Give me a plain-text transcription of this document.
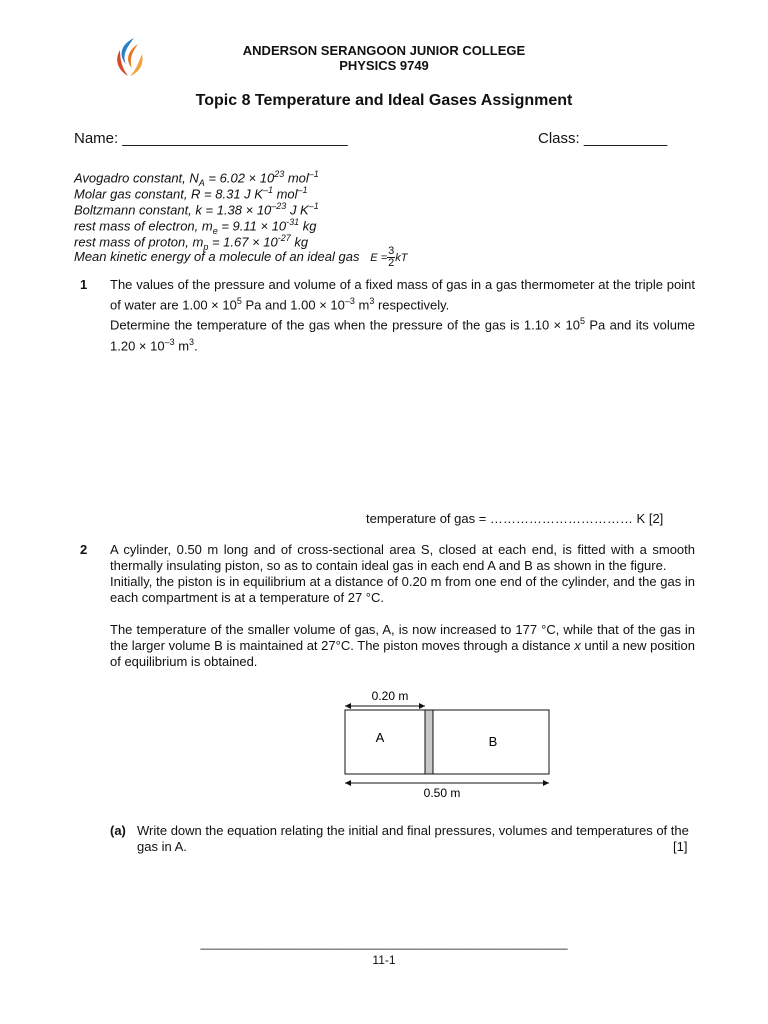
ANDERSON SERANGOON JUNIOR COLLEGE
PHYSICS 9749
Topic 8 Temperature and Ideal Gases Assignment
Name: ___________________________	Class: __________
Avogadro constant, $N_A = 6.02 \times 10^{23}$ mol$^{-1}$
Molar gas constant, R = 8.31 J $K^{-1}$ mol$^{-1}$
Boltzmann constant, $k = 1.38 \times 10^{-23}$ J $K^{-1}$
rest mass of electron, $m_e = 9.11 \times 10^{-31}$ kg
rest mass of proton, $m_p = 1.67 \times 10^{-27}$ kg
Mean kinetic energy of a molecule of an ideal gas $E = \frac{3}{2}$ kT
1 The values of the pressure and volume of a fixed mass of gas in a gas thermometer at the triple point of water are $1.00 \times 10^5$ Pa and $1.00 \times 10^{-3}$ $m^3$ respectively.
Determine the temperature of the gas when the pressure of the gas is $1.10 \times 10^5$ Pa and its volume $1.20 \times 10^{-3}$ $m^3$.
temperature of gas = …………………………… K [2]
2 A cylinder, 0.50 m long and of cross-sectional area S, closed at each end, is fitted with a smooth thermally insulating piston, so as to contain ideal gas in each end A and B as shown in the figure.
Initially, the piston is in equilibrium at a distance of 0.20 m from one end of the cylinder, and the gas in each compartment is at a temperature of 27 °C.
The temperature of the smaller volume of gas, A, is now increased to 177 °C, while that of the gas in the larger volume B is maintained at 27°C. The piston moves through a distance x until a new position of equilibrium is obtained.
0.20 m
A	B
0.50 m
(a) Write down the equation relating the initial and final pressures, volumes and temperatures of the gas in A.	[1]
_______________________________________________________
11-1
